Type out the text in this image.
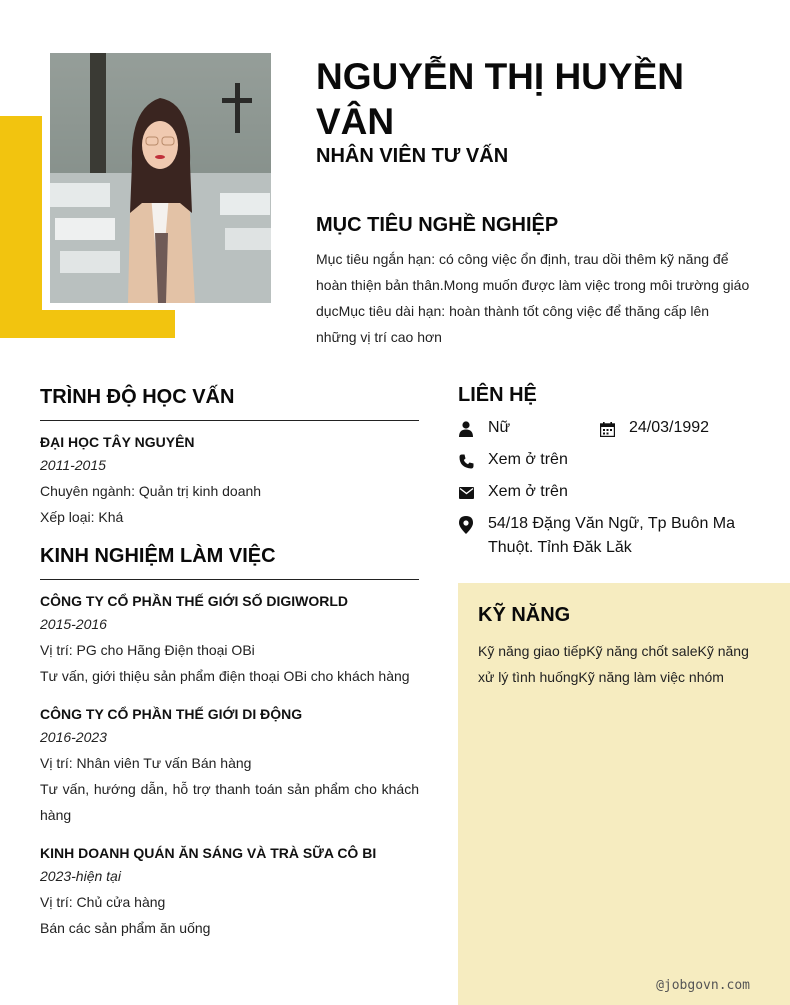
NGUYỄN THỊ HUYỀN VÂN
NHÂN VIÊN TƯ VẤN
MỤC TIÊU NGHỀ NGHIỆP
Mục tiêu ngắn hạn: có công việc ổn định, trau dồi thêm kỹ năng để hoàn thiện bản thân.Mong muốn được làm việc trong môi trường giáo dụcMục tiêu dài hạn: hoàn thành tốt công việc để thăng cấp lên những vị trí cao hơn
TRÌNH ĐỘ HỌC VẤN
ĐẠI HỌC TÂY NGUYÊN
2011-2015
Chuyên ngành: Quản trị kinh doanh
Xếp loại: Khá
KINH NGHIỆM LÀM VIỆC
CÔNG TY CỔ PHẦN THẾ GIỚI SỐ DIGIWORLD
2015-2016
Vị trí: PG cho Hãng Điện thoại OBi
Tư vấn, giới thiệu sản phẩm điện thoại OBi cho khách hàng
CÔNG TY CỔ PHẦN THẾ GIỚI DI ĐỘNG
2016-2023
Vị trí: Nhân viên Tư vấn Bán hàng
Tư vấn, hướng dẫn, hỗ trợ thanh toán sản phẩm cho khách hàng
KINH DOANH QUÁN ĂN SÁNG VÀ TRÀ SỮA CÔ BI
2023-hiện tại
Vị trí: Chủ cửa hàng
Bán các sản phẩm ăn uống
LIÊN HỆ
Nữ	24/03/1992
Xem ở trên
Xem ở trên
54/18 Đặng Văn Ngữ, Tp Buôn Ma Thuột. Tỉnh Đăk Lăk
KỸ NĂNG
Kỹ năng giao tiếpKỹ năng chốt saleKỹ năng xử lý tình huốngKỹ năng làm việc nhóm
@jobgovn.com
